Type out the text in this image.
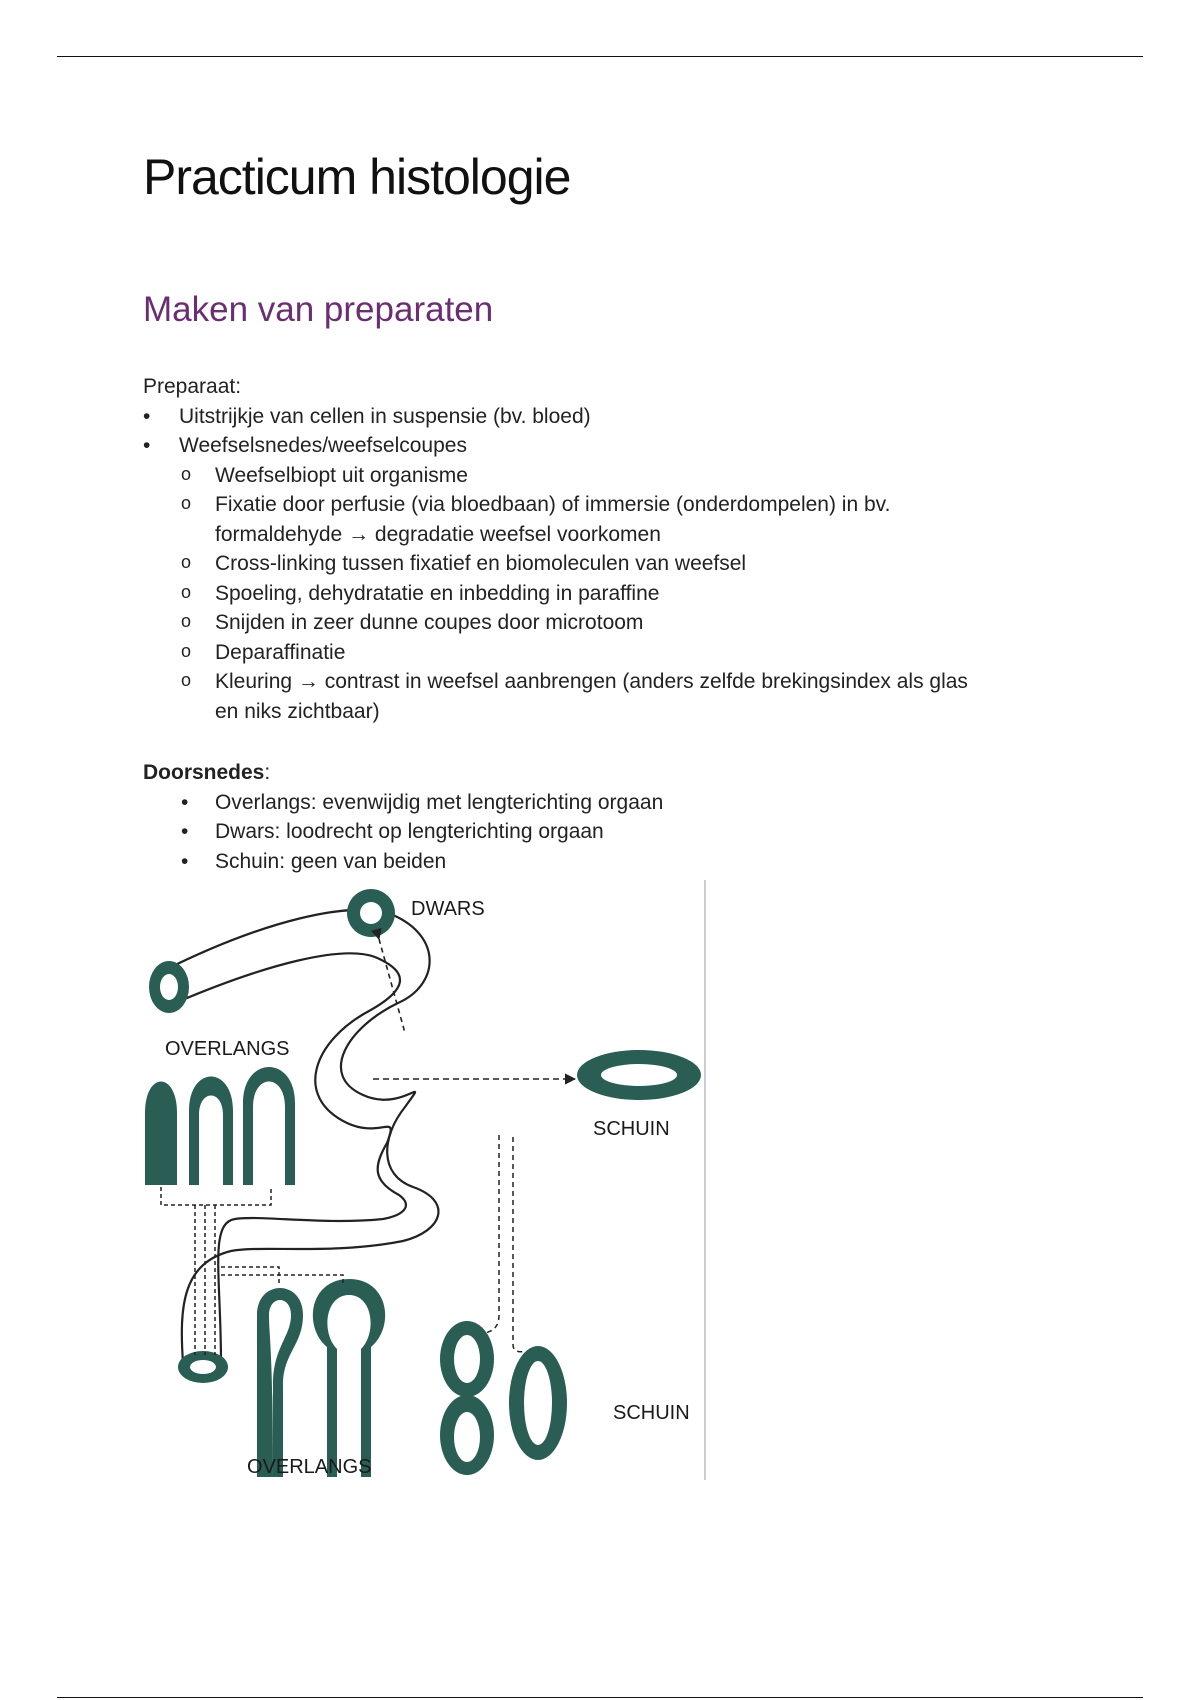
Practicum histologie
Maken van preparaten
Preparaat:
• Uitstrijkje van cellen in suspensie (bv. bloed)
• Weefselsnedes/weefselcoupes
o Weefselbiopt uit organisme
o Fixatie door perfusie (via bloedbaan) of immersie (onderdompelen) in bv.
formaldehyde → degradatie weefsel voorkomen
o Cross-linking tussen fixatief en biomoleculen van weefsel
o Spoeling, dehydratatie en inbedding in paraffine
o Snijden in zeer dunne coupes door microtoom
o Deparaffinatie
o Kleuring → contrast in weefsel aanbrengen (anders zelfde brekingsindex als glas
en niks zichtbaar)
Doorsnedes:
• Overlangs: evenwijdig met lengterichting orgaan
• Dwars: loodrecht op lengterichting orgaan
• Schuin: geen van beiden
DWARS
OVERLANGS
SCHUIN
OVERLANGS
SCHUIN
